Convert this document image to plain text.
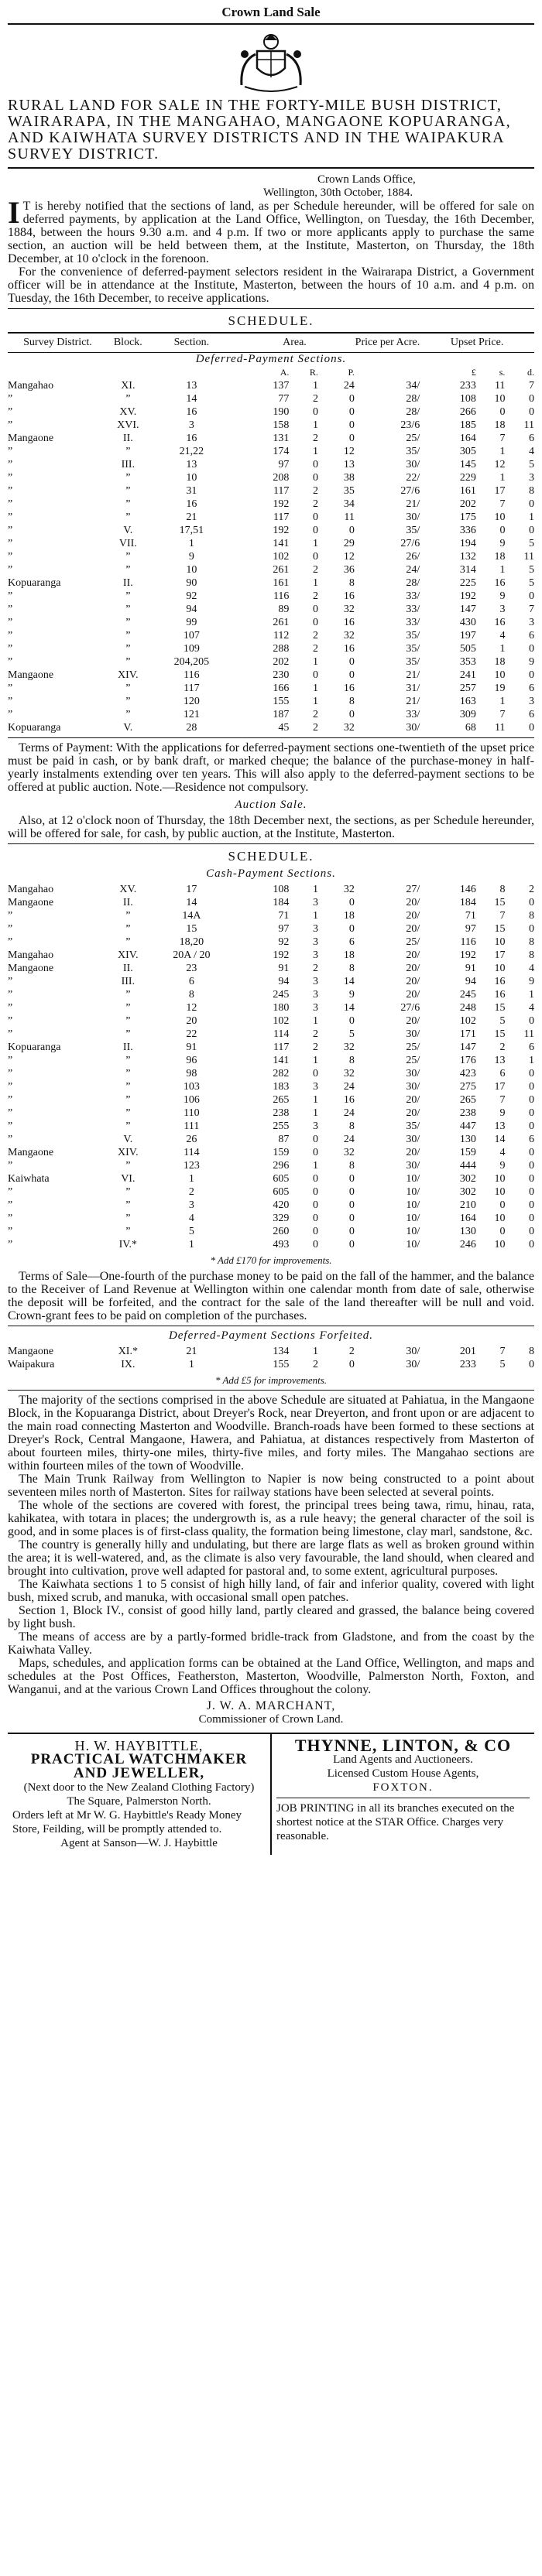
Crown Land Sale

RURAL LAND FOR SALE IN THE FORTY-MILE BUSH DISTRICT, WAIRARAPA, IN THE MANGAHAO, MANGAONE KOPUARANGA, AND KAIWHATA SURVEY DISTRICTS AND IN THE WAIPAKURA SURVEY DISTRICT.

Crown Lands Office,

Wellington, 30th October, 1884.

I T is hereby notified that the sections of land, as per Schedule hereunder, will be offered for sale on deferred payments, by application at the Land Office, Wellington, on Tuesday, the 16th December, 1884, between the hours 9.30 a.m. and 4 p.m. If two or more applicants apply to purchase the same section, an auction will be held between them, at the Institute, Masterton, on Thursday, the 18th December, at 10 o'clock in the forenoon.

For the convenience of deferred-payment selectors resident in the Wairarapa District, a Government officer will be in attendance at the Institute, Masterton, between the hours of 10 a.m. and 4 p.m. on Tuesday, the 16th December, to receive applications.

SCHEDULE.
Survey District.	Block.	Section.	Area.			Price per Acre.	Upset Price.		
Deferred-Payment Sections.									
			A.	R.	P.		£	s.	d.
Mangahao	XI.	13	137	1	24	34/	233	11	7
”	”	14	77	2	0	28/	108	10	0
”	XV.	16	190	0	0	28/	266	0	0
”	XVI.	3	158	1	0	23/6	185	18	11
Mangaone	II.	16	131	2	0	25/	164	7	6
”	”	21,22	174	1	12	35/	305	1	4
”	III.	13	97	0	13	30/	145	12	5
”	”	10	208	0	38	22/	229	1	3
”	”	31	117	2	35	27/6	161	17	8
”	”	16	192	2	34	21/	202	7	0
”	”	21	117	0	11	30/	175	10	1
”	V.	17,51	192	0	0	35/	336	0	0
”	VII.	1	141	1	29	27/6	194	9	5
”	”	9	102	0	12	26/	132	18	11
”	”	10	261	2	36	24/	314	1	5
Kopuaranga	II.	90	161	1	8	28/	225	16	5
”	”	92	116	2	16	33/	192	9	0
”	”	94	89	0	32	33/	147	3	7
”	”	99	261	0	16	33/	430	16	3
”	”	107	112	2	32	35/	197	4	6
”	”	109	288	2	16	35/	505	1	0
”	”	204,205	202	1	0	35/	353	18	9
Mangaone	XIV.	116	230	0	0	21/	241	10	0
”	”	117	166	1	16	31/	257	19	6
”	”	120	155	1	8	21/	163	1	3
”	”	121	187	2	0	33/	309	7	6
Kopuaranga	V.	28	45	2	32	30/	68	11	0

Terms of Payment: With the applications for deferred-payment sections one-twentieth of the upset price must be paid in cash, or by bank draft, or marked cheque; the balance of the purchase-money in half-yearly instalments extending over ten years. This will also apply to the deferred-payment sections to be offered at public auction. Note.—Residence not compulsory.

Auction Sale.

Also, at 12 o'clock noon of Thursday, the 18th December next, the sections, as per Schedule hereunder, will be offered for sale, for cash, by public auction, at the Institute, Masterton.

SCHEDULE.
Cash-Payment Sections.
Mangahao	XV.	17	108	1	32	27/	146	8	2
Mangaone	II.	14	184	3	0	20/	184	15	0
”	”	14A	71	1	18	20/	71	7	8
”	”	15	97	3	0	20/	97	15	0
”	”	18,20	92	3	6	25/	116	10	8
Mangahao	XIV.	20A / 20	192	3	18	20/	192	17	8
Mangaone	II.	23	91	2	8	20/	91	10	4
”	III.	6	94	3	14	20/	94	16	9
”	”	8	245	3	9	20/	245	16	1
”	”	12	180	3	14	27/6	248	15	4
”	”	20	102	1	0	20/	102	5	0
”	”	22	114	2	5	30/	171	15	11
Kopuaranga	II.	91	117	2	32	25/	147	2	6
”	”	96	141	1	8	25/	176	13	1
”	”	98	282	0	32	30/	423	6	0
”	”	103	183	3	24	30/	275	17	0
”	”	106	265	1	16	20/	265	7	0
”	”	110	238	1	24	20/	238	9	0
”	”	111	255	3	8	35/	447	13	0
”	V.	26	87	0	24	30/	130	14	6
Mangaone	XIV.	114	159	0	32	20/	159	4	0
”	”	123	296	1	8	30/	444	9	0
Kaiwhata	VI.	1	605	0	0	10/	302	10	0
”	”	2	605	0	0	10/	302	10	0
”	”	3	420	0	0	10/	210	0	0
”	”	4	329	0	0	10/	164	10	0
”	”	5	260	0	0	10/	130	0	0
”	IV.*	1	493	0	0	10/	246	10	0
* Add £170 for improvements.

Terms of Sale—One-fourth of the purchase money to be paid on the fall of the hammer, and the balance to the Receiver of Land Revenue at Wellington within one calendar month from date of sale, otherwise the deposit will be forfeited, and the contract for the sale of the land thereafter will be null and void. Crown-grant fees to be paid on completion of the purchases.

Deferred-Payment Sections Forfeited.
Mangaone	XI.*	21	134	1	2	30/	201	7	8
Waipakura	IX.	1	155	2	0	30/	233	5	0
* Add £5 for improvements.

The majority of the sections comprised in the above Schedule are situated at Pahiatua, in the Mangaone Block, in the Kopuaranga District, about Dreyer's Rock, near Dreyerton, and front upon or are adjacent to the main road connecting Masterton and Woodville. Branch-roads have been formed to these sections at Dreyer's Rock, Central Mangaone, Hawera, and Pahiatua, at distances respectively from Masterton of about fourteen miles, thirty-one miles, thirty-five miles, and forty miles. The Mangahao sections are within fourteen miles of the town of Woodville.

The Main Trunk Railway from Wellington to Napier is now being constructed to a point about seventeen miles north of Masterton. Sites for railway stations have been selected at several points.

The whole of the sections are covered with forest, the principal trees being tawa, rimu, hinau, rata, kahikatea, with totara in places; the undergrowth is, as a rule heavy; the general character of the soil is good, and in some places is of first-class quality, the formation being limestone, clay marl, sandstone, &c.

The country is generally hilly and undulating, but there are large flats as well as broken ground within the area; it is well-watered, and, as the climate is also very favourable, the land should, when cleared and brought into cultivation, prove well adapted for pastoral and, to some extent, agricultural purposes.

The Kaiwhata sections 1 to 5 consist of high hilly land, of fair and inferior quality, covered with light bush, mixed scrub, and manuka, with occasional small open patches.

Section 1, Block IV., consist of good hilly land, partly cleared and grassed, the balance being covered by light bush.

The means of access are by a partly-formed bridle-track from Gladstone, and from the coast by the Kaiwhata Valley.

Maps, schedules, and application forms can be obtained at the Land Office, Wellington, and maps and schedules at the Post Offices, Featherston, Masterton, Woodville, Palmerston North, Foxton, and Wanganui, and at the various Crown Land Offices throughout the colony.

J. W. A. MARCHANT,
Commissioner of Crown Land.
H. W. HAYBITTLE,
PRACTICAL WATCHMAKER
AND JEWELLER,
(Next door to the New Zealand Clothing Factory)
The Square, Palmerston North.
Orders left at Mr W. G. Haybittle's Ready Money Store, Feilding, will be promptly attended to.
Agent at Sanson—W. J. Haybittle
THYNNE, LINTON, & CO
Land Agents and Auctioneers.
Licensed Custom House Agents,
FOXTON.
JOB PRINTING in all its branches executed on the shortest notice at the STAR Office. Charges very reasonable.
